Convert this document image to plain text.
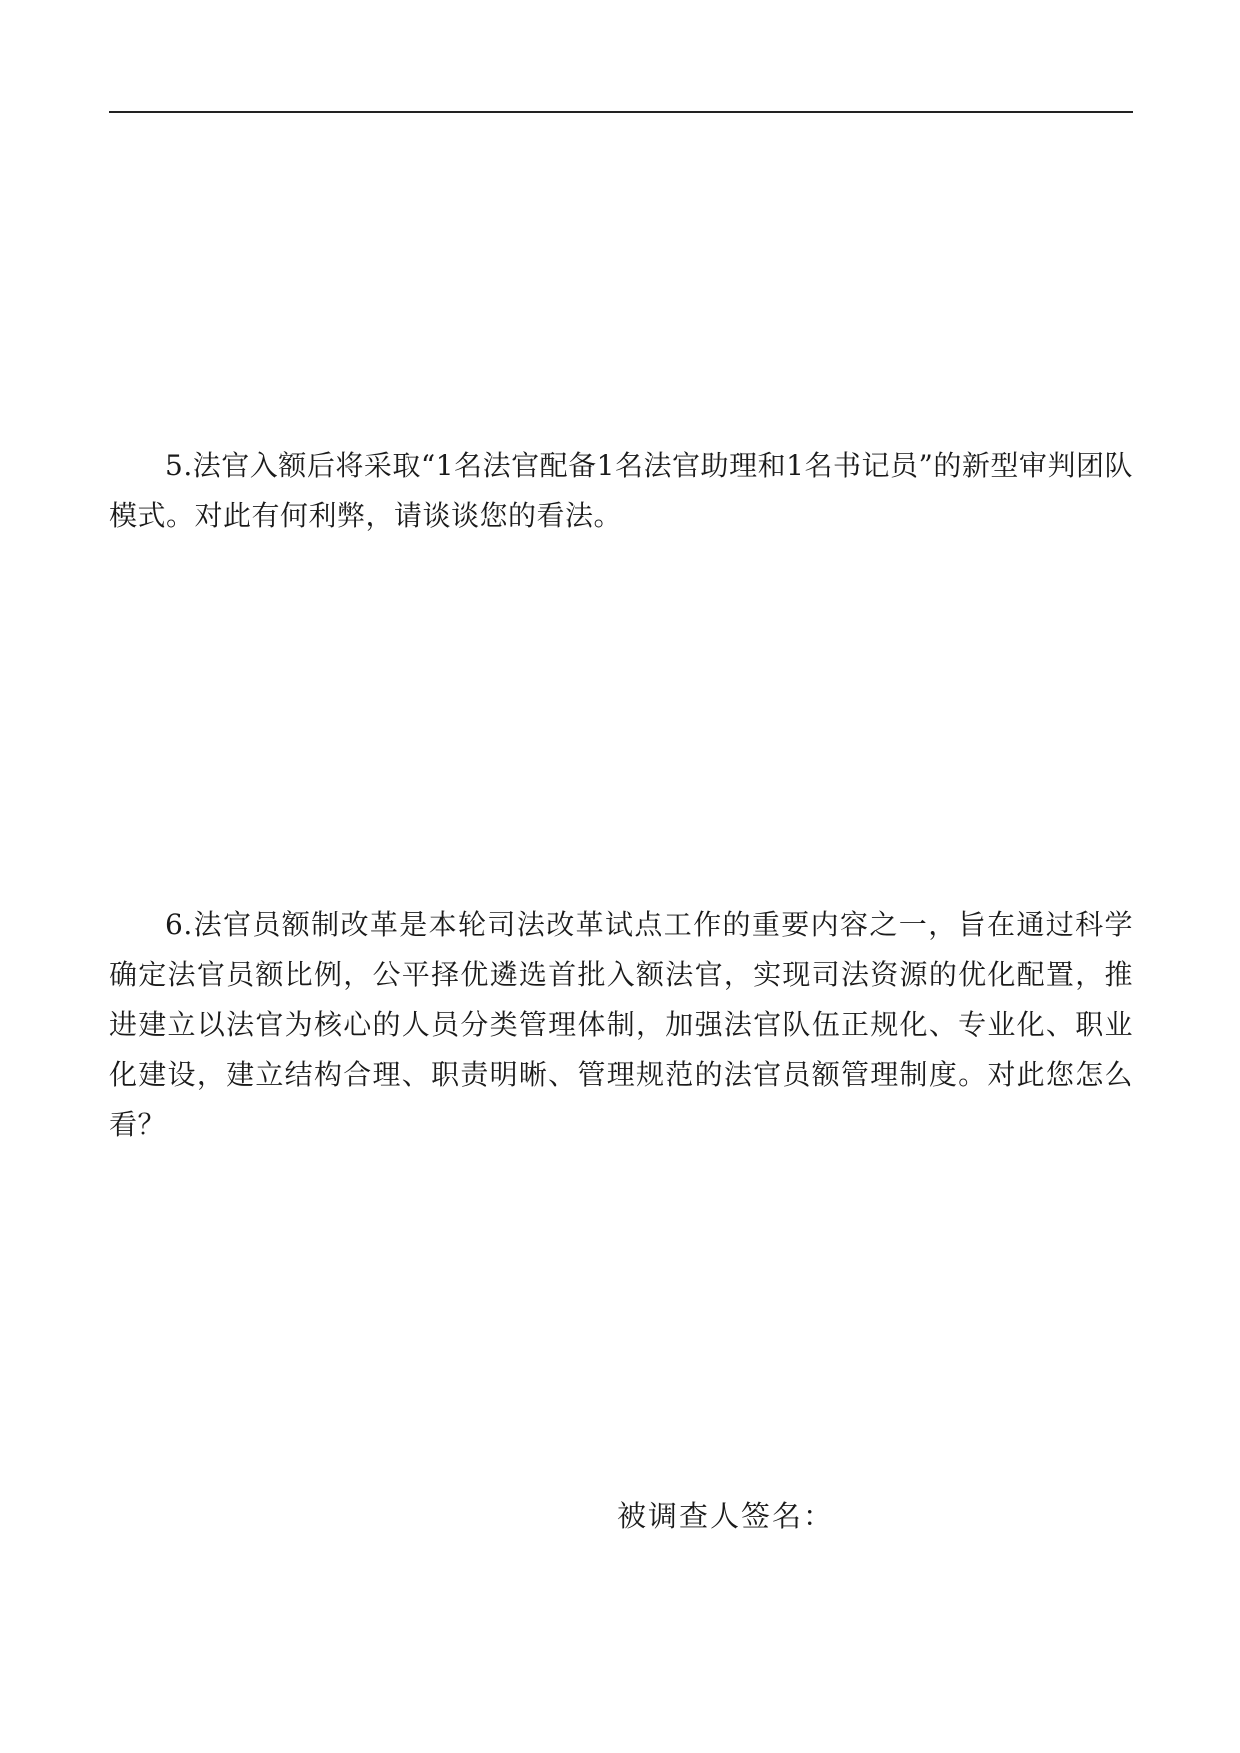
5.法官入额后将采取“1名法官配备1名法官助理和1名书记员”的新型审判团队模式。对此有何利弊，请谈谈您的看法。

6.法官员额制改革是本轮司法改革试点工作的重要内容之一，旨在通过科学确定法官员额比例，公平择优遴选首批入额法官，实现司法资源的优化配置，推进建立以法官为核心的人员分类管理体制，加强法官队伍正规化、专业化、职业化建设，建立结构合理、职责明晰、管理规范的法官员额管理制度。对此您怎么看？

被调查人签名：
